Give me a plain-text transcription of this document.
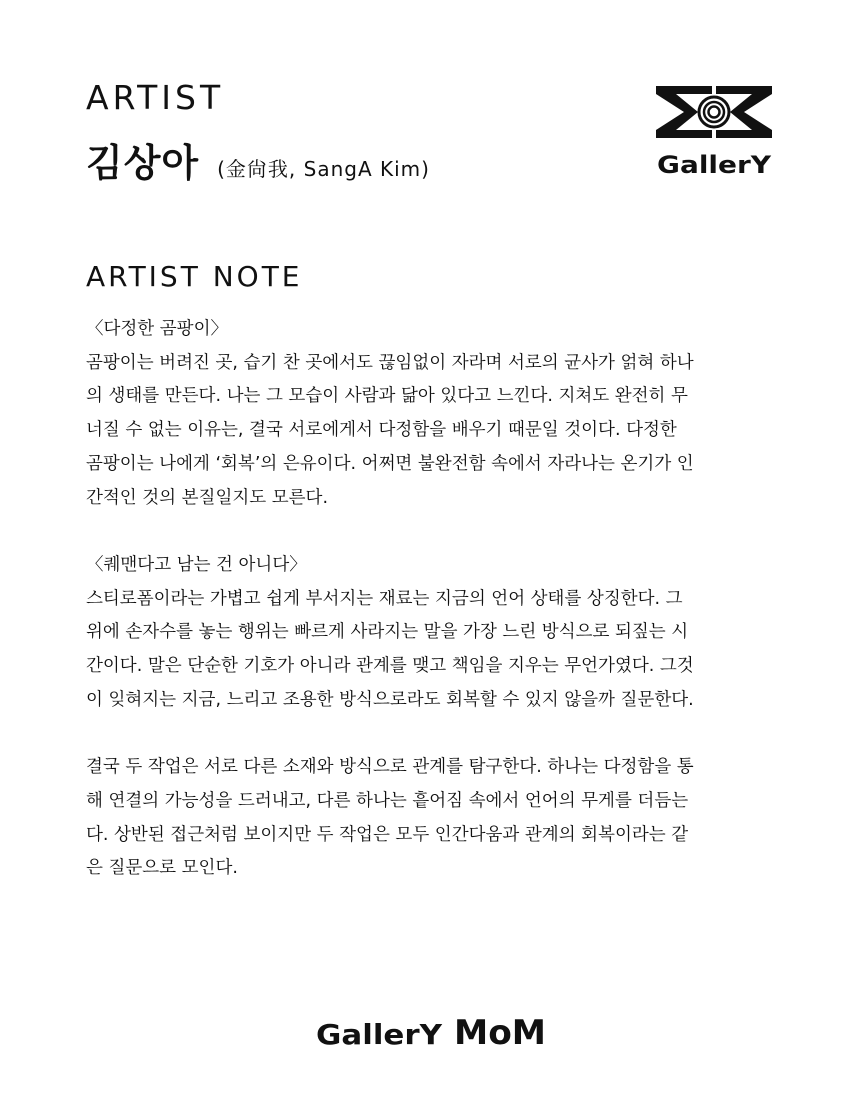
ARTIST
김상아 (金尙我, SangA Kim)	GallerY
ARTIST NOTE

〈다정한 곰팡이〉
곰팡이는 버려진 곳, 습기 찬 곳에서도 끊임없이 자라며 서로의 균사가 얽혀 하나
의 생태를 만든다. 나는 그 모습이 사람과 닮아 있다고 느낀다. 지쳐도 완전히 무
너질 수 없는 이유는, 결국 서로에게서 다정함을 배우기 때문일 것이다. 다정한
곰팡이는 나에게 ‘회복’의 은유이다. 어쩌면 불완전함 속에서 자라나는 온기가 인
간적인 것의 본질일지도 모른다.

〈퀘맨다고 남는 건 아니다〉
스티로폼이라는 가볍고 쉽게 부서지는 재료는 지금의 언어 상태를 상징한다. 그
위에 손자수를 놓는 행위는 빠르게 사라지는 말을 가장 느린 방식으로 되짚는 시
간이다. 말은 단순한 기호가 아니라 관계를 맺고 책임을 지우는 무언가였다. 그것
이 잊혀지는 지금, 느리고 조용한 방식으로라도 회복할 수 있지 않을까 질문한다.

결국 두 작업은 서로 다른 소재와 방식으로 관계를 탐구한다. 하나는 다정함을 통
해 연결의 가능성을 드러내고, 다른 하나는 흩어짐 속에서 언어의 무게를 더듬는
다. 상반된 접근처럼 보이지만 두 작업은 모두 인간다움과 관계의 회복이라는 같
은 질문으로 모인다.

GallerY MoM
